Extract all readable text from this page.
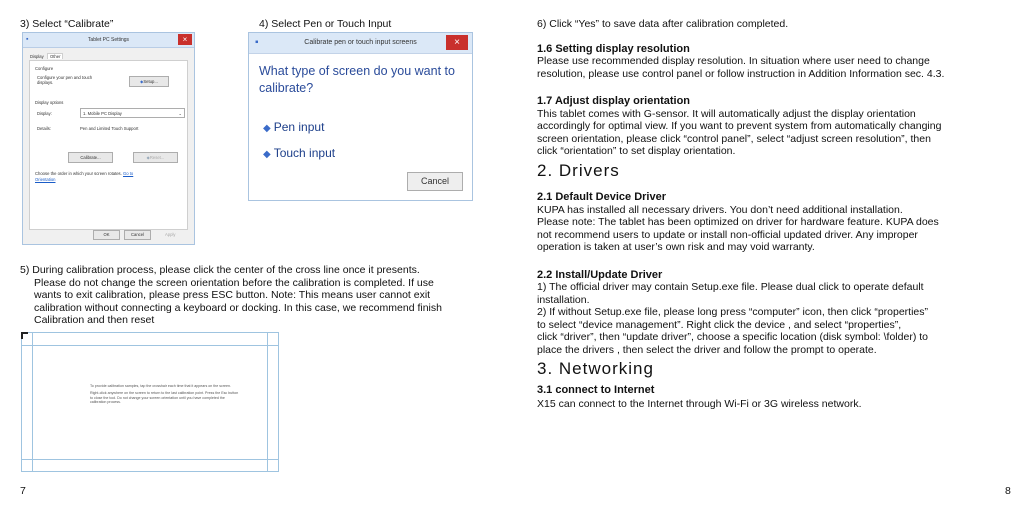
3) Select “Calibrate”	4) Select Pen or Touch Input
▪	Tablet PC Settings	×
Display	Other
Configure
Configure your pen and touch
displays.	◆Setup...
Display options
Display:	1. Mobile PC Display	⌄
Details:	Pen and Limited Touch Support
Calibrate...	◆Reset...
Choose the order in which your screen rotates. Go to
Orientation
OK	Cancel	Apply
▪	Calibrate pen or touch input screens	×
What type of screen do you want to calibrate?
◆ Pen input
◆ Touch input
Cancel
5) During calibration process, please click the center of the cross line once it presents.
Please do not change the screen orientation before the calibration is completed. If use
wants to exit calibration, please press ESC button. Note: This means user cannot exit
calibration without connecting a keyboard or docking. In this case, we recommend finish
Calibration and then reset
To provide calibration samples, tap the crosshair each time that it appears on the screen.
Right-click anywhere on the screen to return to the last calibration point. Press the Esc button to close the tool. Do not change your screen orientation until you have completed the calibration process.
7
6) Click “Yes” to save data after calibration completed.
1.6 Setting display resolution
Please use recommended display resolution. In situation where user need to change
resolution, please use control panel or follow instruction in Addition Information sec. 4.3.
1.7 Adjust display orientation
This tablet comes with G-sensor. It will automatically adjust the display orientation
accordingly for optimal view. If you want to prevent system from automatically changing
screen orientation, please click “control panel”, select “adjust screen resolution”, then
click “orientation” to set display orientation.
2. Drivers
2.1 Default Device Driver
KUPA has installed all necessary drivers. You don’t need additional installation.
Please note: The tablet has been optimized on driver for hardware feature. KUPA does
not recommend users to update or install non-official updated driver. Any improper
operation is taken at user’s own risk and may void warranty.
2.2 Install/Update Driver
1) The official driver may contain Setup.exe file. Please dual click to operate default
installation.
2) If without Setup.exe file, please long press “computer” icon, then click “properties”
to select “device management”. Right click the device , and select “properties”,
click “driver”, then “update driver”, choose a specific location (disk symbol: \folder) to
place the drivers , then select the driver and follow the prompt to operate.
3. Networking
3.1 connect to Internet
X15 can connect to the Internet through Wi-Fi or 3G wireless network.
8
